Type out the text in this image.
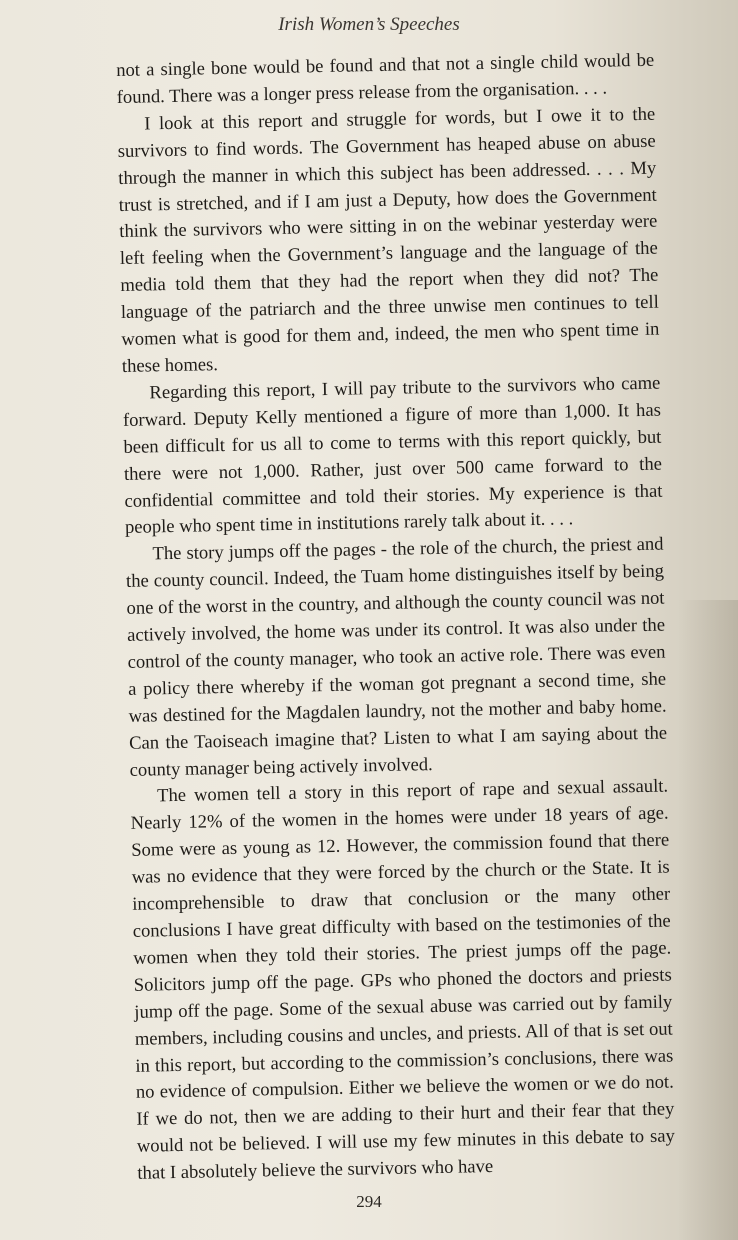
Irish Women’s Speeches

not a single bone would be found and that not a single child would be found. There was a longer press release from the organisation. . . .

I look at this report and struggle for words, but I owe it to the survivors to find words. The Government has heaped abuse on abuse through the manner in which this subject has been addressed. . . . My trust is stretched, and if I am just a Deputy, how does the Government think the survivors who were sitting in on the webinar yesterday were left feeling when the Government’s language and the language of the media told them that they had the report when they did not? The language of the patriarch and the three unwise men continues to tell women what is good for them and, indeed, the men who spent time in these homes.

Regarding this report, I will pay tribute to the survivors who came forward. Deputy Kelly mentioned a figure of more than 1,000. It has been difficult for us all to come to terms with this report quickly, but there were not 1,000. Rather, just over 500 came forward to the confidential committee and told their stories. My experience is that people who spent time in institutions rarely talk about it. . . .

The story jumps off the pages - the role of the church, the priest and the county council. Indeed, the Tuam home distinguishes itself by being one of the worst in the country, and although the county council was not actively involved, the home was under its control. It was also under the control of the county manager, who took an active role. There was even a policy there whereby if the woman got pregnant a second time, she was destined for the Magdalen laundry, not the mother and baby home. Can the Taoiseach imagine that? Listen to what I am saying about the county manager being actively involved.

The women tell a story in this report of rape and sexual assault. Nearly 12% of the women in the homes were under 18 years of age. Some were as young as 12. However, the commission found that there was no evidence that they were forced by the church or the State. It is incomprehensible to draw that conclusion or the many other conclusions I have great difficulty with based on the testimonies of the women when they told their stories. The priest jumps off the page. Solicitors jump off the page. GPs who phoned the doctors and priests jump off the page. Some of the sexual abuse was carried out by family members, including cousins and uncles, and priests. All of that is set out in this report, but according to the commission’s conclusions, there was no evidence of compulsion. Either we believe the women or we do not. If we do not, then we are adding to their hurt and their fear that they would not be believed. I will use my few minutes in this debate to say that I absolutely believe the survivors who have

294
